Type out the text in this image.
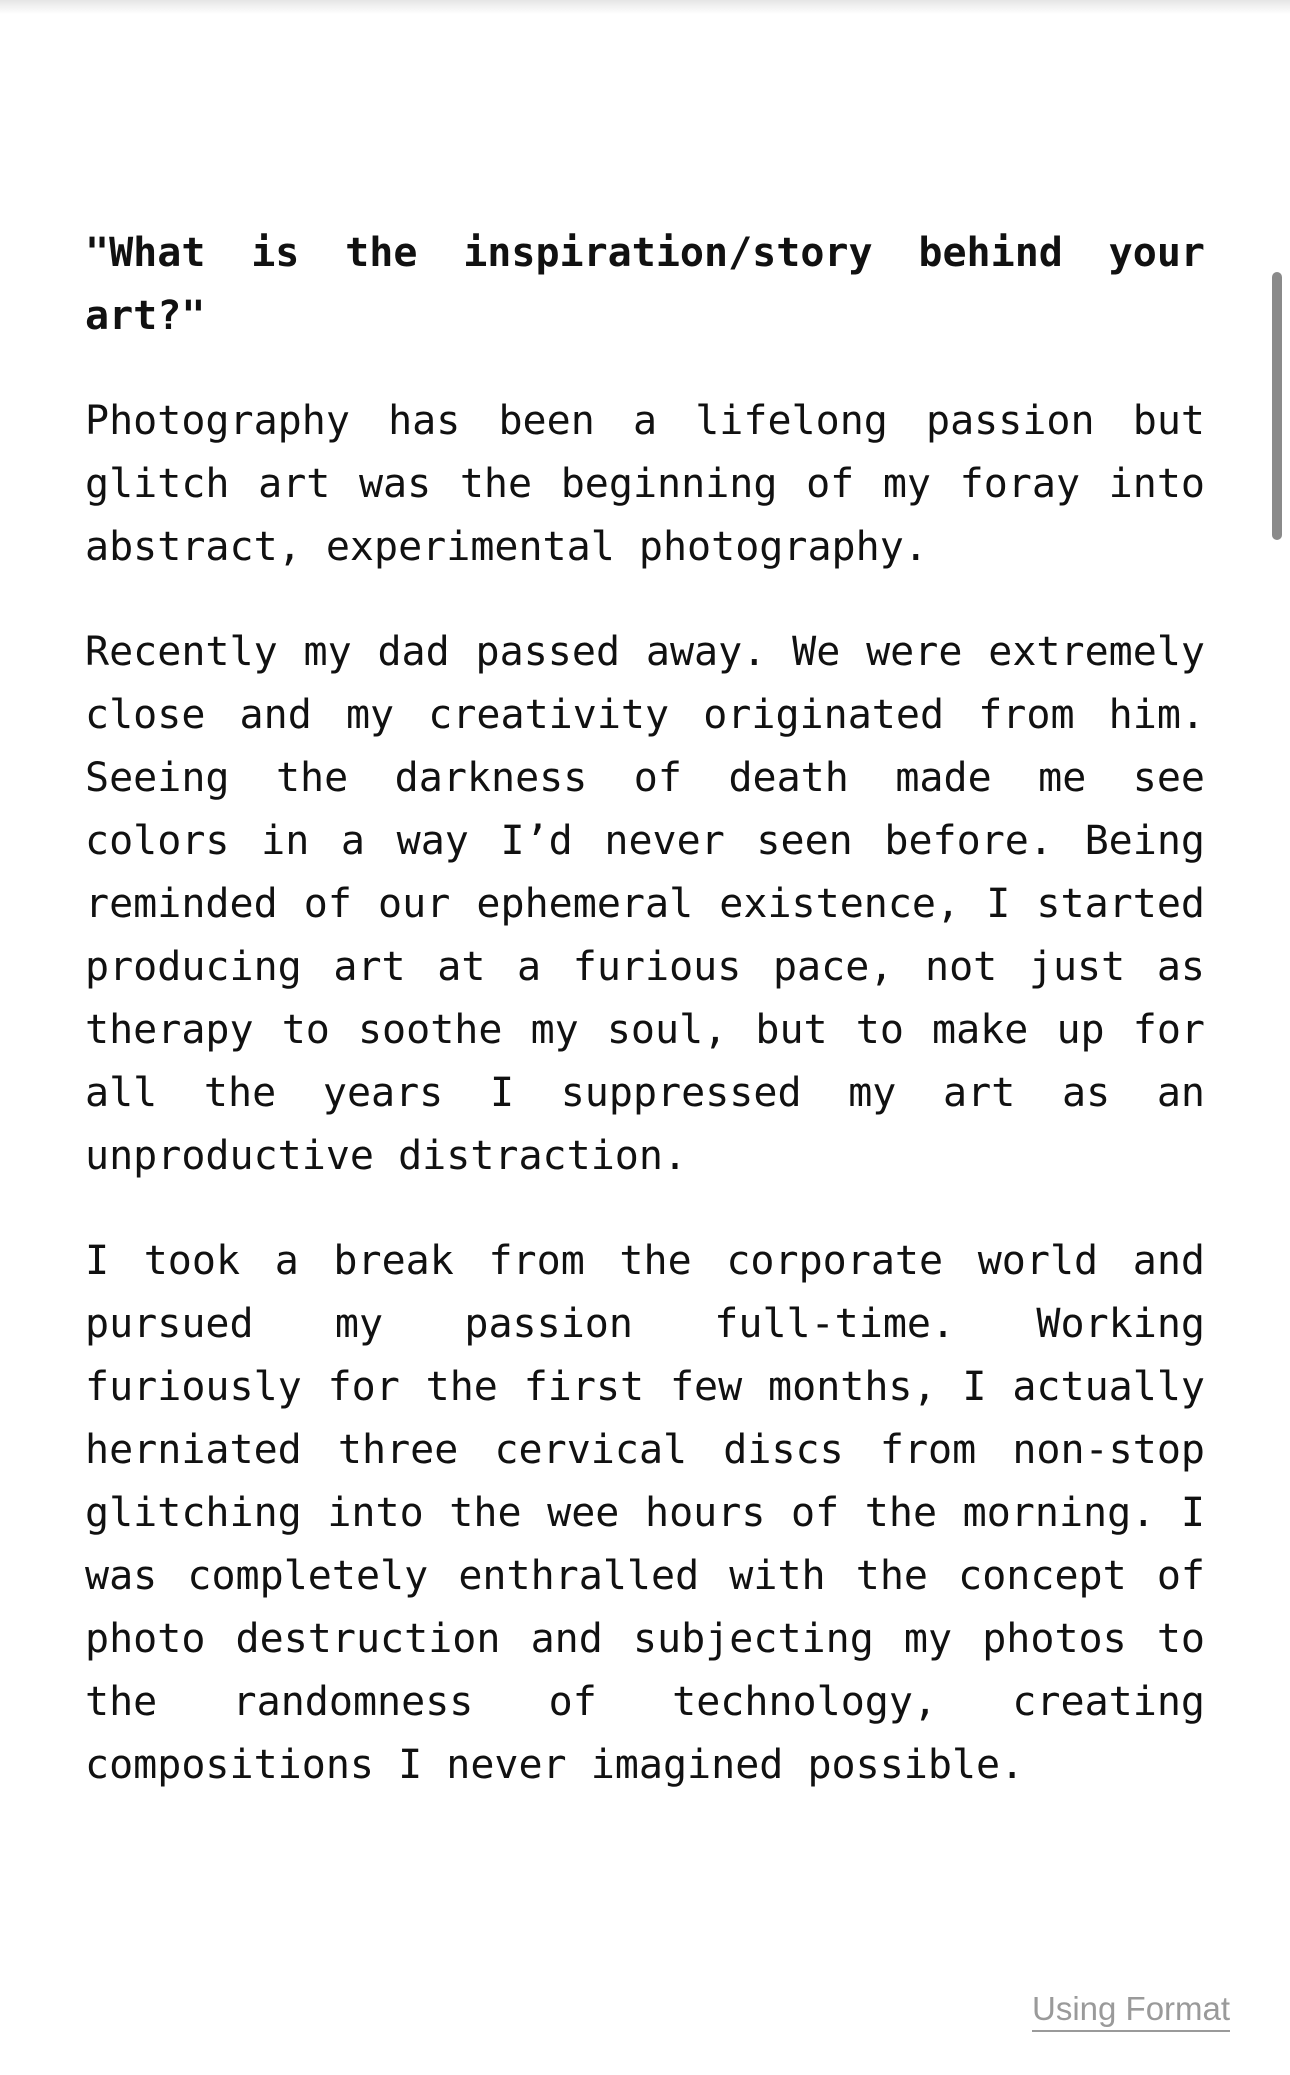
"What is the inspiration/story behind your art?"

Photography has been a lifelong passion but glitch art was the beginning of my foray into abstract, experimental photography.

Recently my dad passed away. We were extremely close and my creativity originated from him. Seeing the darkness of death made me see colors in a way I’d never seen before. Being reminded of our ephemeral existence, I started producing art at a furious pace, not just as therapy to soothe my soul, but to make up for all the years I suppressed my art as an unproductive distraction.

I took a break from the corporate world and pursued my passion full-time. Working furiously for the first few months, I actually herniated three cervical discs from non-stop glitching into the wee hours of the morning. I was completely enthralled with the concept of photo destruction and subjecting my photos to the randomness of technology, creating compositions I never imagined possible.

Using Format
